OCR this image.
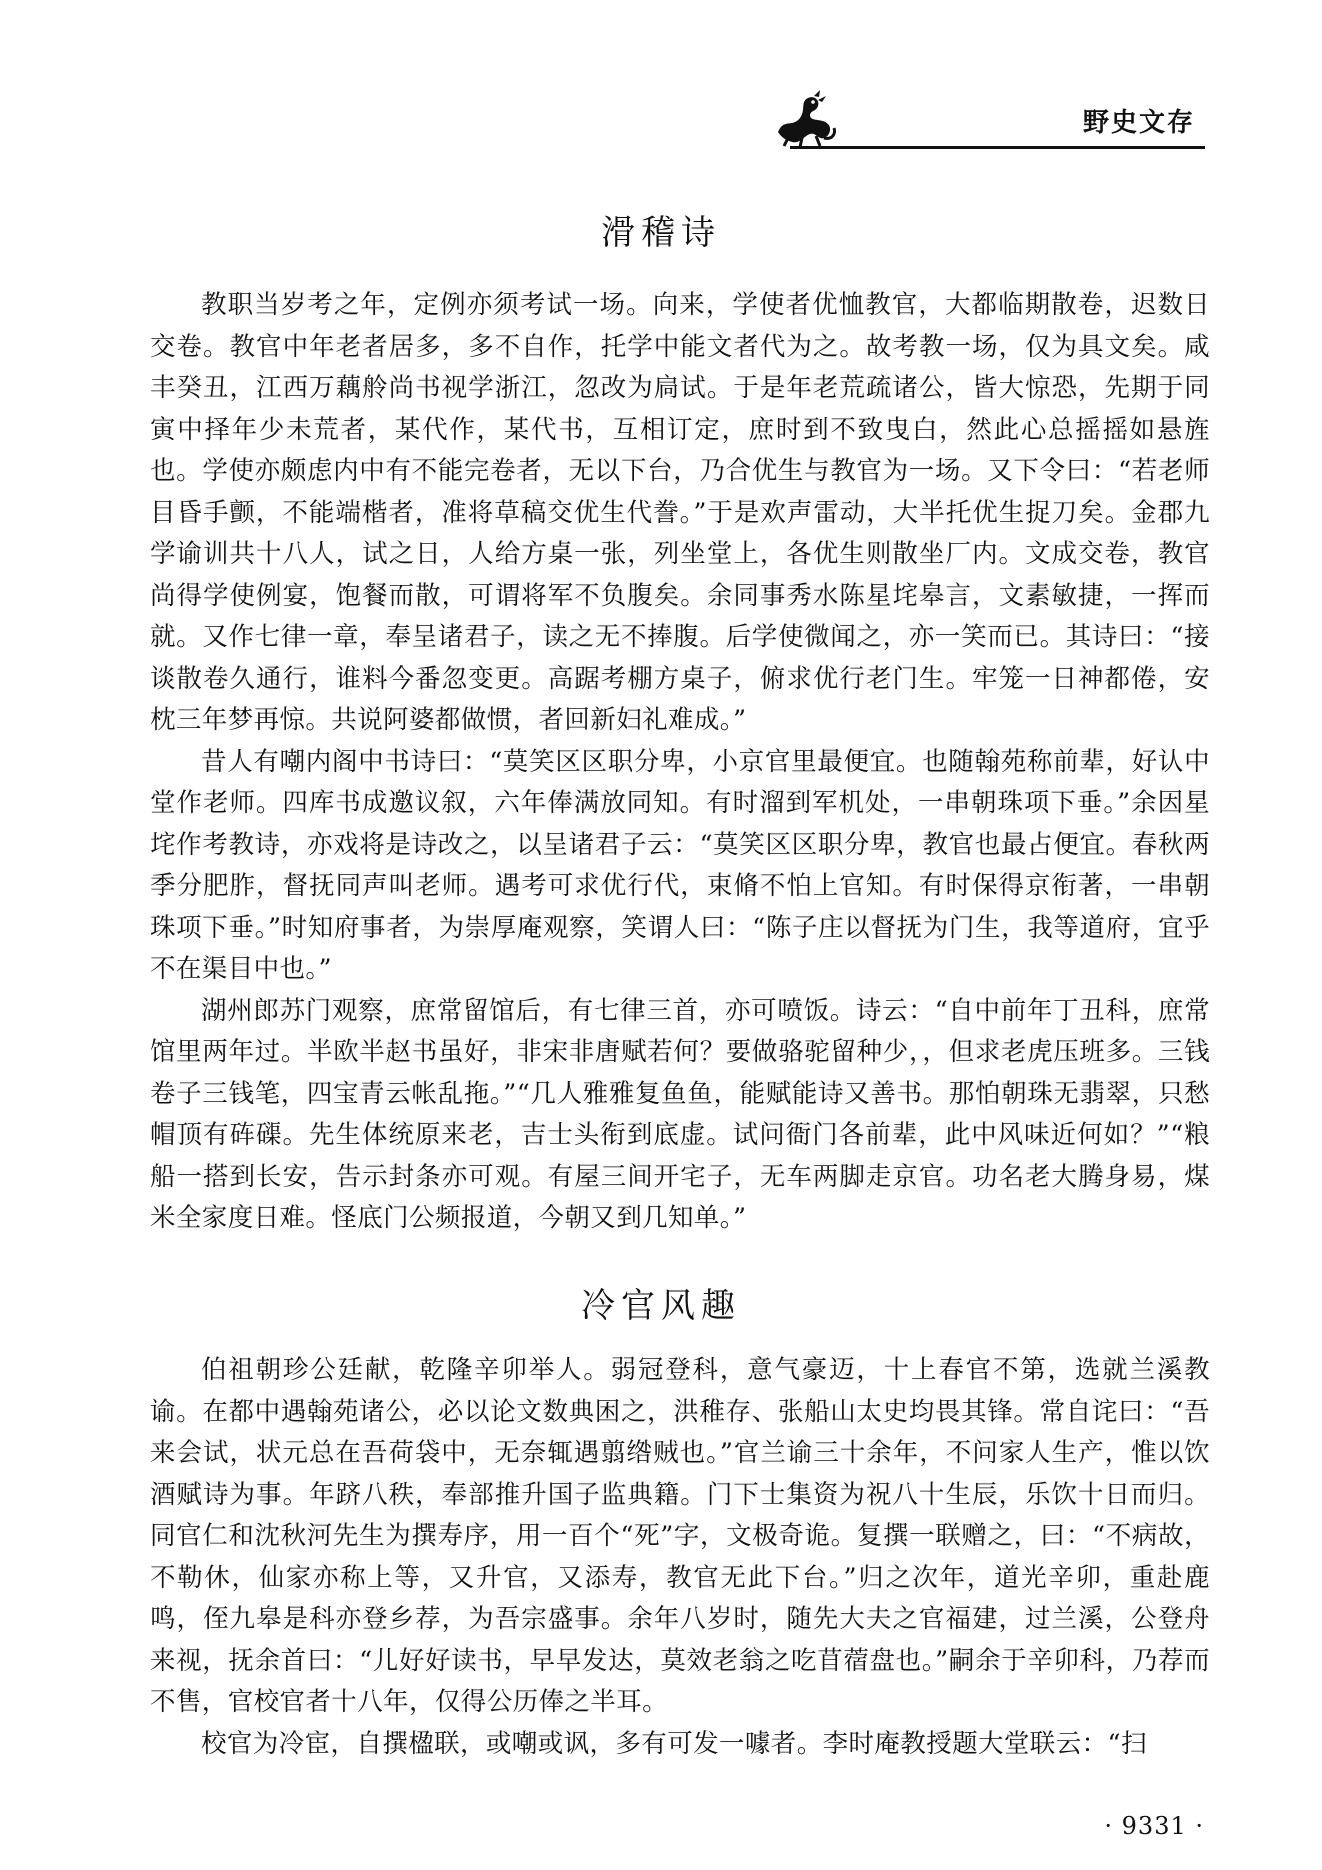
野史文存
滑稽诗

教职当岁考之年，定例亦须考试一场。向来，学使者优恤教官，大都临期散卷，迟数日交卷。教官中年老者居多，多不自作，托学中能文者代为之。故考教一场，仅为具文矣。咸丰癸丑，江西万藕舲尚书视学浙江，忽改为扃试。于是年老荒疏诸公，皆大惊恐，先期于同寅中择年少未荒者，某代作，某代书，互相订定，庶时到不致曳白，然此心总摇摇如悬旌也。学使亦颇虑内中有不能完卷者，无以下台，乃合优生与教官为一场。又下令曰：“若老师目昏手颤，不能端楷者，准将草稿交优生代誊。”于是欢声雷动，大半托优生捉刀矣。金郡九学谕训共十八人，试之日，人给方桌一张，列坐堂上，各优生则散坐厂内。文成交卷，教官尚得学使例宴，饱餐而散，可谓将军不负腹矣。余同事秀水陈星垞皋言，文素敏捷，一挥而就。又作七律一章，奉呈诸君子，读之无不捧腹。后学使微闻之，亦一笑而已。其诗曰：“接谈散卷久通行，谁料今番忽变更。高踞考棚方桌子，俯求优行老门生。牢笼一日神都倦，安枕三年梦再惊。共说阿婆都做惯，者回新妇礼难成。”

昔人有嘲内阁中书诗曰：“莫笑区区职分卑，小京官里最便宜。也随翰苑称前辈，好认中堂作老师。四库书成邀议叙，六年俸满放同知。有时溜到军机处，一串朝珠项下垂。”余因星垞作考教诗，亦戏将是诗改之，以呈诸君子云：“莫笑区区职分卑，教官也最占便宜。春秋两季分肥胙，督抚同声叫老师。遇考可求优行代，束脩不怕上官知。有时保得京衔著，一串朝珠项下垂。”时知府事者，为崇厚庵观察，笑谓人曰：“陈子庄以督抚为门生，我等道府，宜乎不在渠目中也。”

湖州郎苏门观察，庶常留馆后，有七律三首，亦可喷饭。诗云：“自中前年丁丑科，庶常馆里两年过。半欧半赵书虽好，非宋非唐赋若何？要做骆驼留种少，，但求老虎压班多。三钱卷子三钱笔，四宝青云帐乱拖。”“几人雅雅复鱼鱼，能赋能诗又善书。那怕朝珠无翡翠，只愁帽顶有砗磲。先生体统原来老，吉士头衔到底虚。试问衙门各前辈，此中风味近何如？”“粮船一搭到长安，告示封条亦可观。有屋三间开宅子，无车两脚走京官。功名老大腾身易，煤米全家度日难。怪底门公频报道，今朝又到几知单。”

冷官风趣

伯祖朝珍公廷献，乾隆辛卯举人。弱冠登科，意气豪迈，十上春官不第，选就兰溪教谕。在都中遇翰苑诸公，必以论文数典困之，洪稚存、张船山太史均畏其锋。常自诧曰：“吾来会试，状元总在吾荷袋中，无奈辄遇翦绺贼也。”官兰谕三十余年，不问家人生产，惟以饮酒赋诗为事。年跻八秩，奉部推升国子监典籍。门下士集资为祝八十生辰，乐饮十日而归。同官仁和沈秋河先生为撰寿序，用一百个“死”字，文极奇诡。复撰一联赠之，曰：“不病故，不勒休，仙家亦称上等，又升官，又添寿，教官无此下台。”归之次年，道光辛卯，重赴鹿鸣，侄九皋是科亦登乡荐，为吾宗盛事。余年八岁时，随先大夫之官福建，过兰溪，公登舟来视，抚余首曰：“儿好好读书，早早发达，莫效老翁之吃苜蓿盘也。”嗣余于辛卯科，乃荐而不售，官校官者十八年，仅得公历俸之半耳。

校官为冷宦，自撰楹联，或嘲或讽，多有可发一噱者。李时庵教授题大堂联云：“扫

· 9331 ·
